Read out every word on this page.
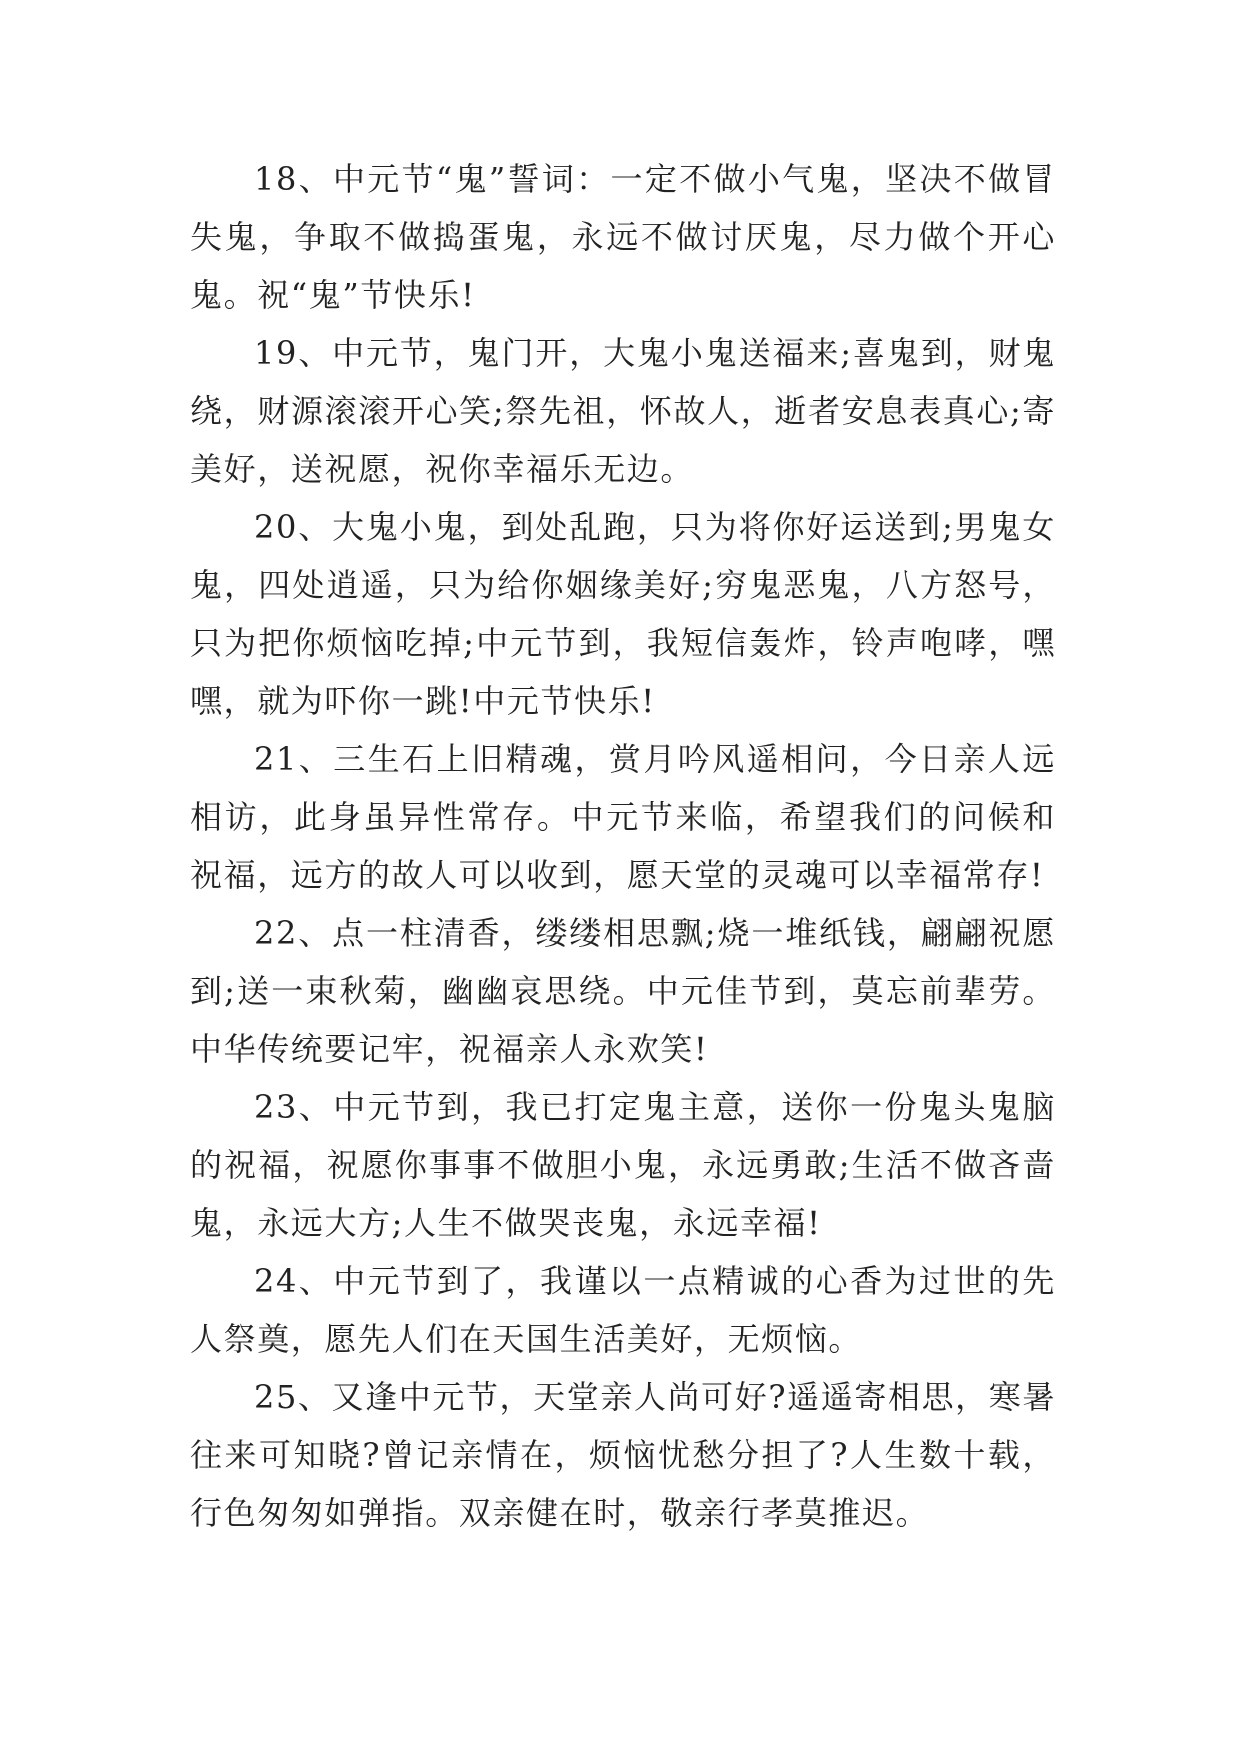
18、中元节“鬼”誓词：一定不做小气鬼，坚决不做冒失鬼，争取不做捣蛋鬼，永远不做讨厌鬼，尽力做个开心鬼。祝“鬼”节快乐!

19、中元节，鬼门开，大鬼小鬼送福来;喜鬼到，财鬼绕，财源滚滚开心笑;祭先祖，怀故人，逝者安息表真心;寄美好，送祝愿，祝你幸福乐无边。

20、大鬼小鬼，到处乱跑，只为将你好运送到;男鬼女鬼，四处逍遥，只为给你姻缘美好;穷鬼恶鬼，八方怒号，只为把你烦恼吃掉;中元节到，我短信轰炸，铃声咆哮，嘿嘿，就为吓你一跳!中元节快乐!

21、三生石上旧精魂，赏月吟风遥相问，今日亲人远相访，此身虽异性常存。中元节来临，希望我们的问候和祝福，远方的故人可以收到，愿天堂的灵魂可以幸福常存!

22、点一柱清香，缕缕相思飘;烧一堆纸钱，翩翩祝愿到;送一束秋菊，幽幽哀思绕。中元佳节到，莫忘前辈劳。中华传统要记牢，祝福亲人永欢笑!

23、中元节到，我已打定鬼主意，送你一份鬼头鬼脑的祝福，祝愿你事事不做胆小鬼，永远勇敢;生活不做吝啬鬼，永远大方;人生不做哭丧鬼，永远幸福!

24、中元节到了，我谨以一点精诚的心香为过世的先人祭奠，愿先人们在天国生活美好，无烦恼。

25、又逢中元节，天堂亲人尚可好?遥遥寄相思，寒暑往来可知晓?曾记亲情在，烦恼忧愁分担了?人生数十载，行色匆匆如弹指。双亲健在时，敬亲行孝莫推迟。
